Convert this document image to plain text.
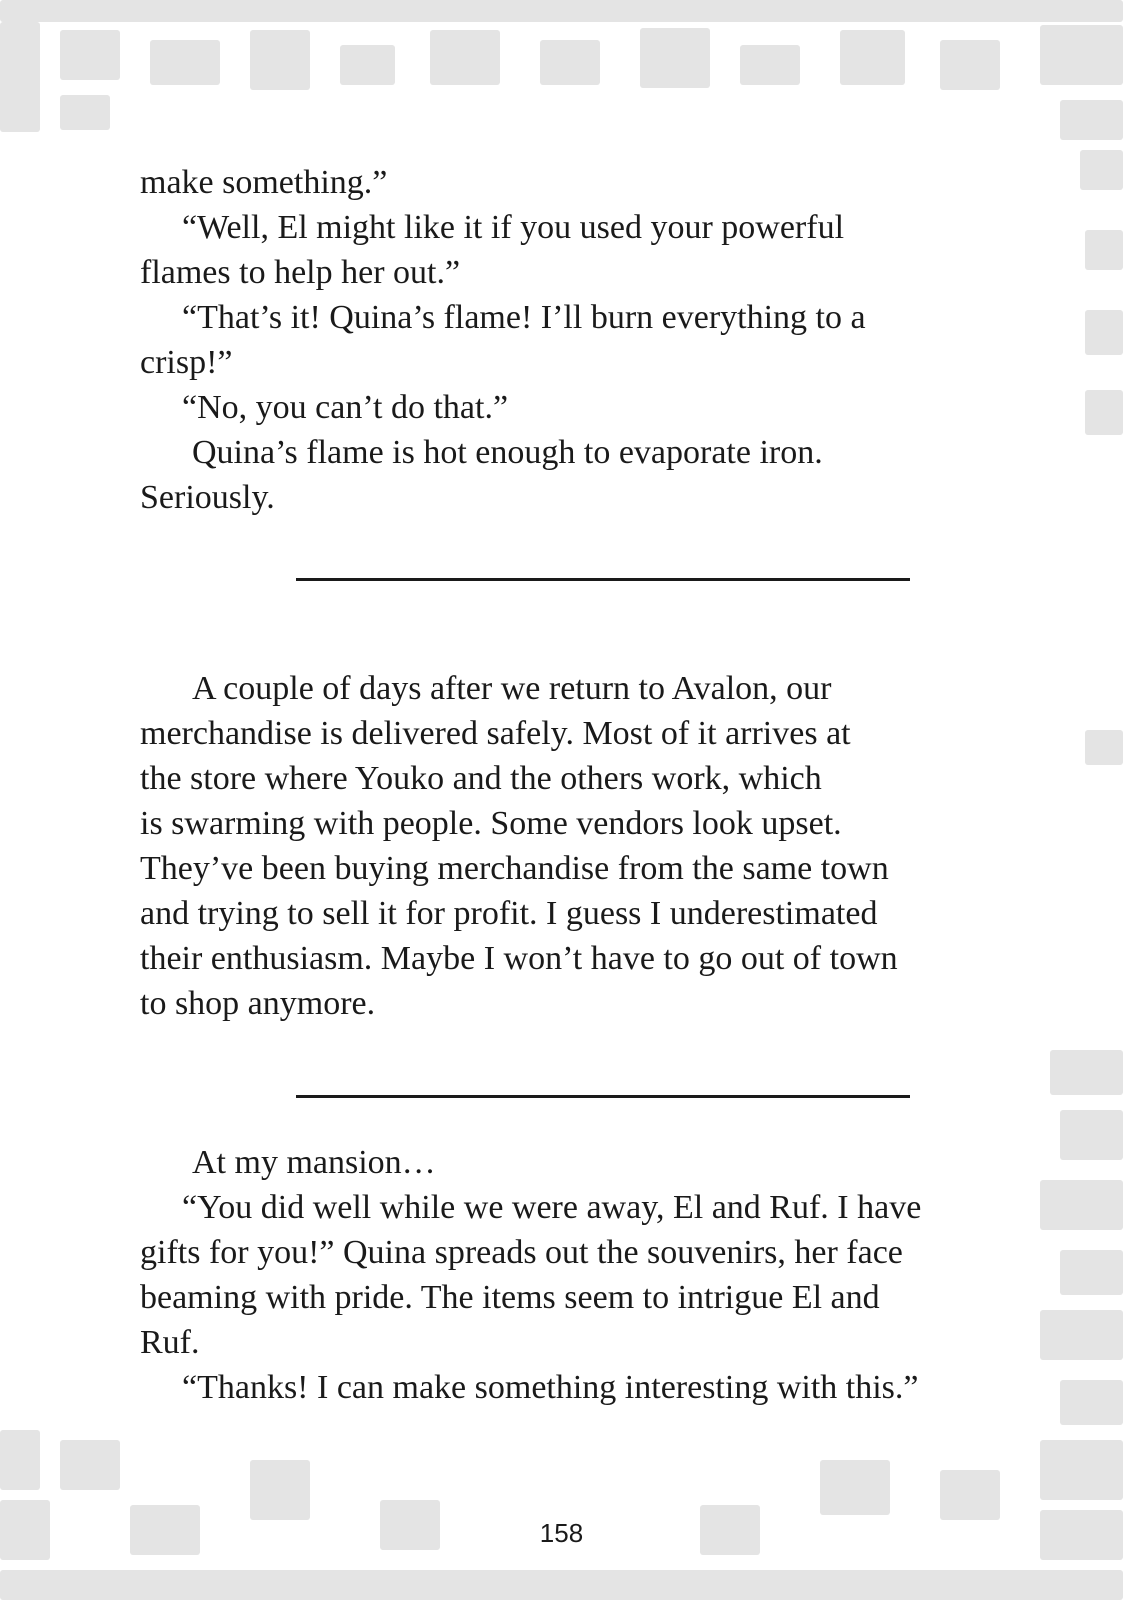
make something.”

“Well, El might like it if you used your powerful

flames to help her out.”

“That’s it! Quina’s flame! I’ll burn everything to a

crisp!”

“No, you can’t do that.”

Quina’s flame is hot enough to evaporate iron.

Seriously.

A couple of days after we return to Avalon, our

merchandise is delivered safely. Most of it arrives at

the store where Youko and the others work, which

is swarming with people. Some vendors look upset.

They’ve been buying merchandise from the same town

and trying to sell it for profit. I guess I underestimated

their enthusiasm. Maybe I won’t have to go out of town

to shop anymore.

At my mansion…

“You did well while we were away, El and Ruf. I have

gifts for you!” Quina spreads out the souvenirs, her face

beaming with pride. The items seem to intrigue El and

Ruf.

“Thanks! I can make something interesting with this.”

158
